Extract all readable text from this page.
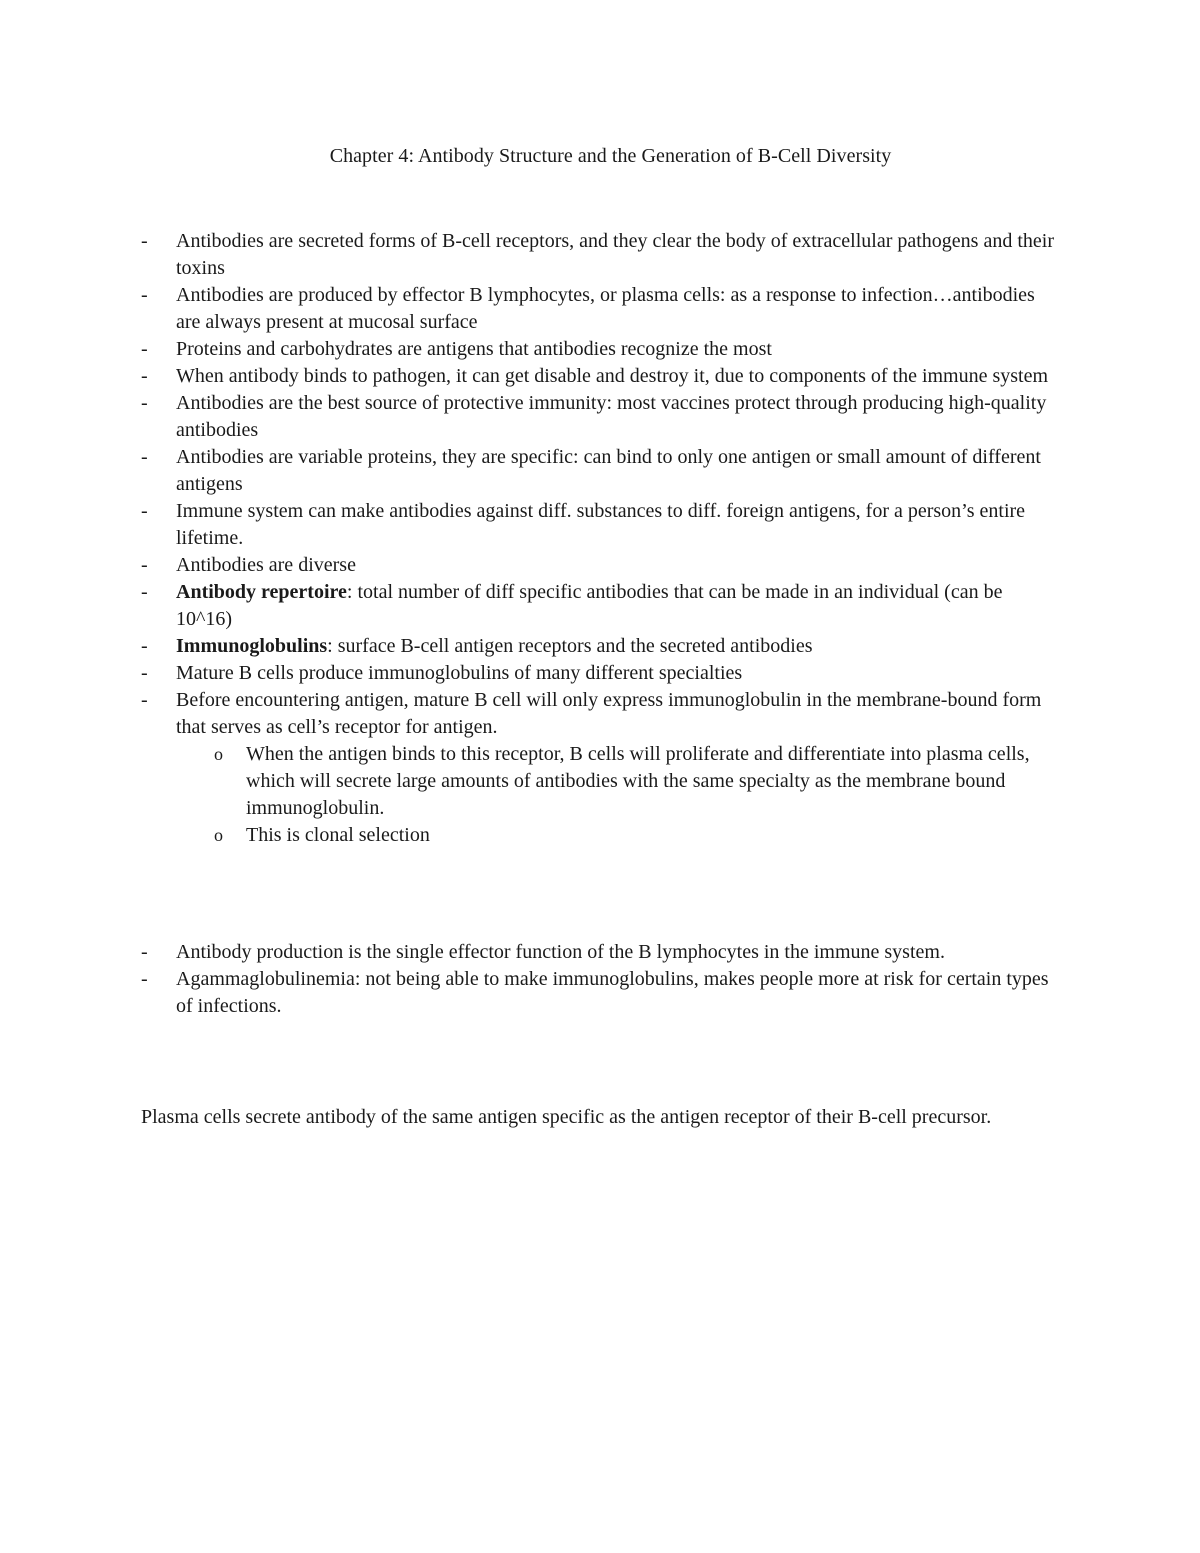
Chapter 4: Antibody Structure and the Generation of B-Cell Diversity
-	Antibodies are secreted forms of B-cell receptors, and they clear the body of extracellular pathogens and their toxins
-	Antibodies are produced by effector B lymphocytes, or plasma cells: as a response to infection…antibodies are always present at mucosal surface
-	Proteins and carbohydrates are antigens that antibodies recognize the most
-	When antibody binds to pathogen, it can get disable and destroy it, due to components of the immune system
-	Antibodies are the best source of protective immunity: most vaccines protect through producing high-quality antibodies
-	Antibodies are variable proteins, they are specific: can bind to only one antigen or small amount of different antigens
-	Immune system can make antibodies against diff. substances to diff. foreign antigens, for a person’s entire lifetime.
-	Antibodies are diverse
-	Antibody repertoire: total number of diff specific antibodies that can be made in an individual (can be 10^16)
-	Immunoglobulins: surface B-cell antigen receptors and the secreted antibodies
-	Mature B cells produce immunoglobulins of many different specialties
-	Before encountering antigen, mature B cell will only express immunoglobulin in the membrane-bound form that serves as cell’s receptor for antigen.
o When the antigen binds to this receptor, B cells will proliferate and differentiate into plasma cells, which will secrete large amounts of antibodies with the same specialty as the membrane bound immunoglobulin.
o This is clonal selection
-	Antibody production is the single effector function of the B lymphocytes in the immune system.
-	Agammaglobulinemia: not being able to make immunoglobulins, makes people more at risk for certain types of infections.

Plasma cells secrete antibody of the same antigen specific as the antigen receptor of their B-cell precursor.
